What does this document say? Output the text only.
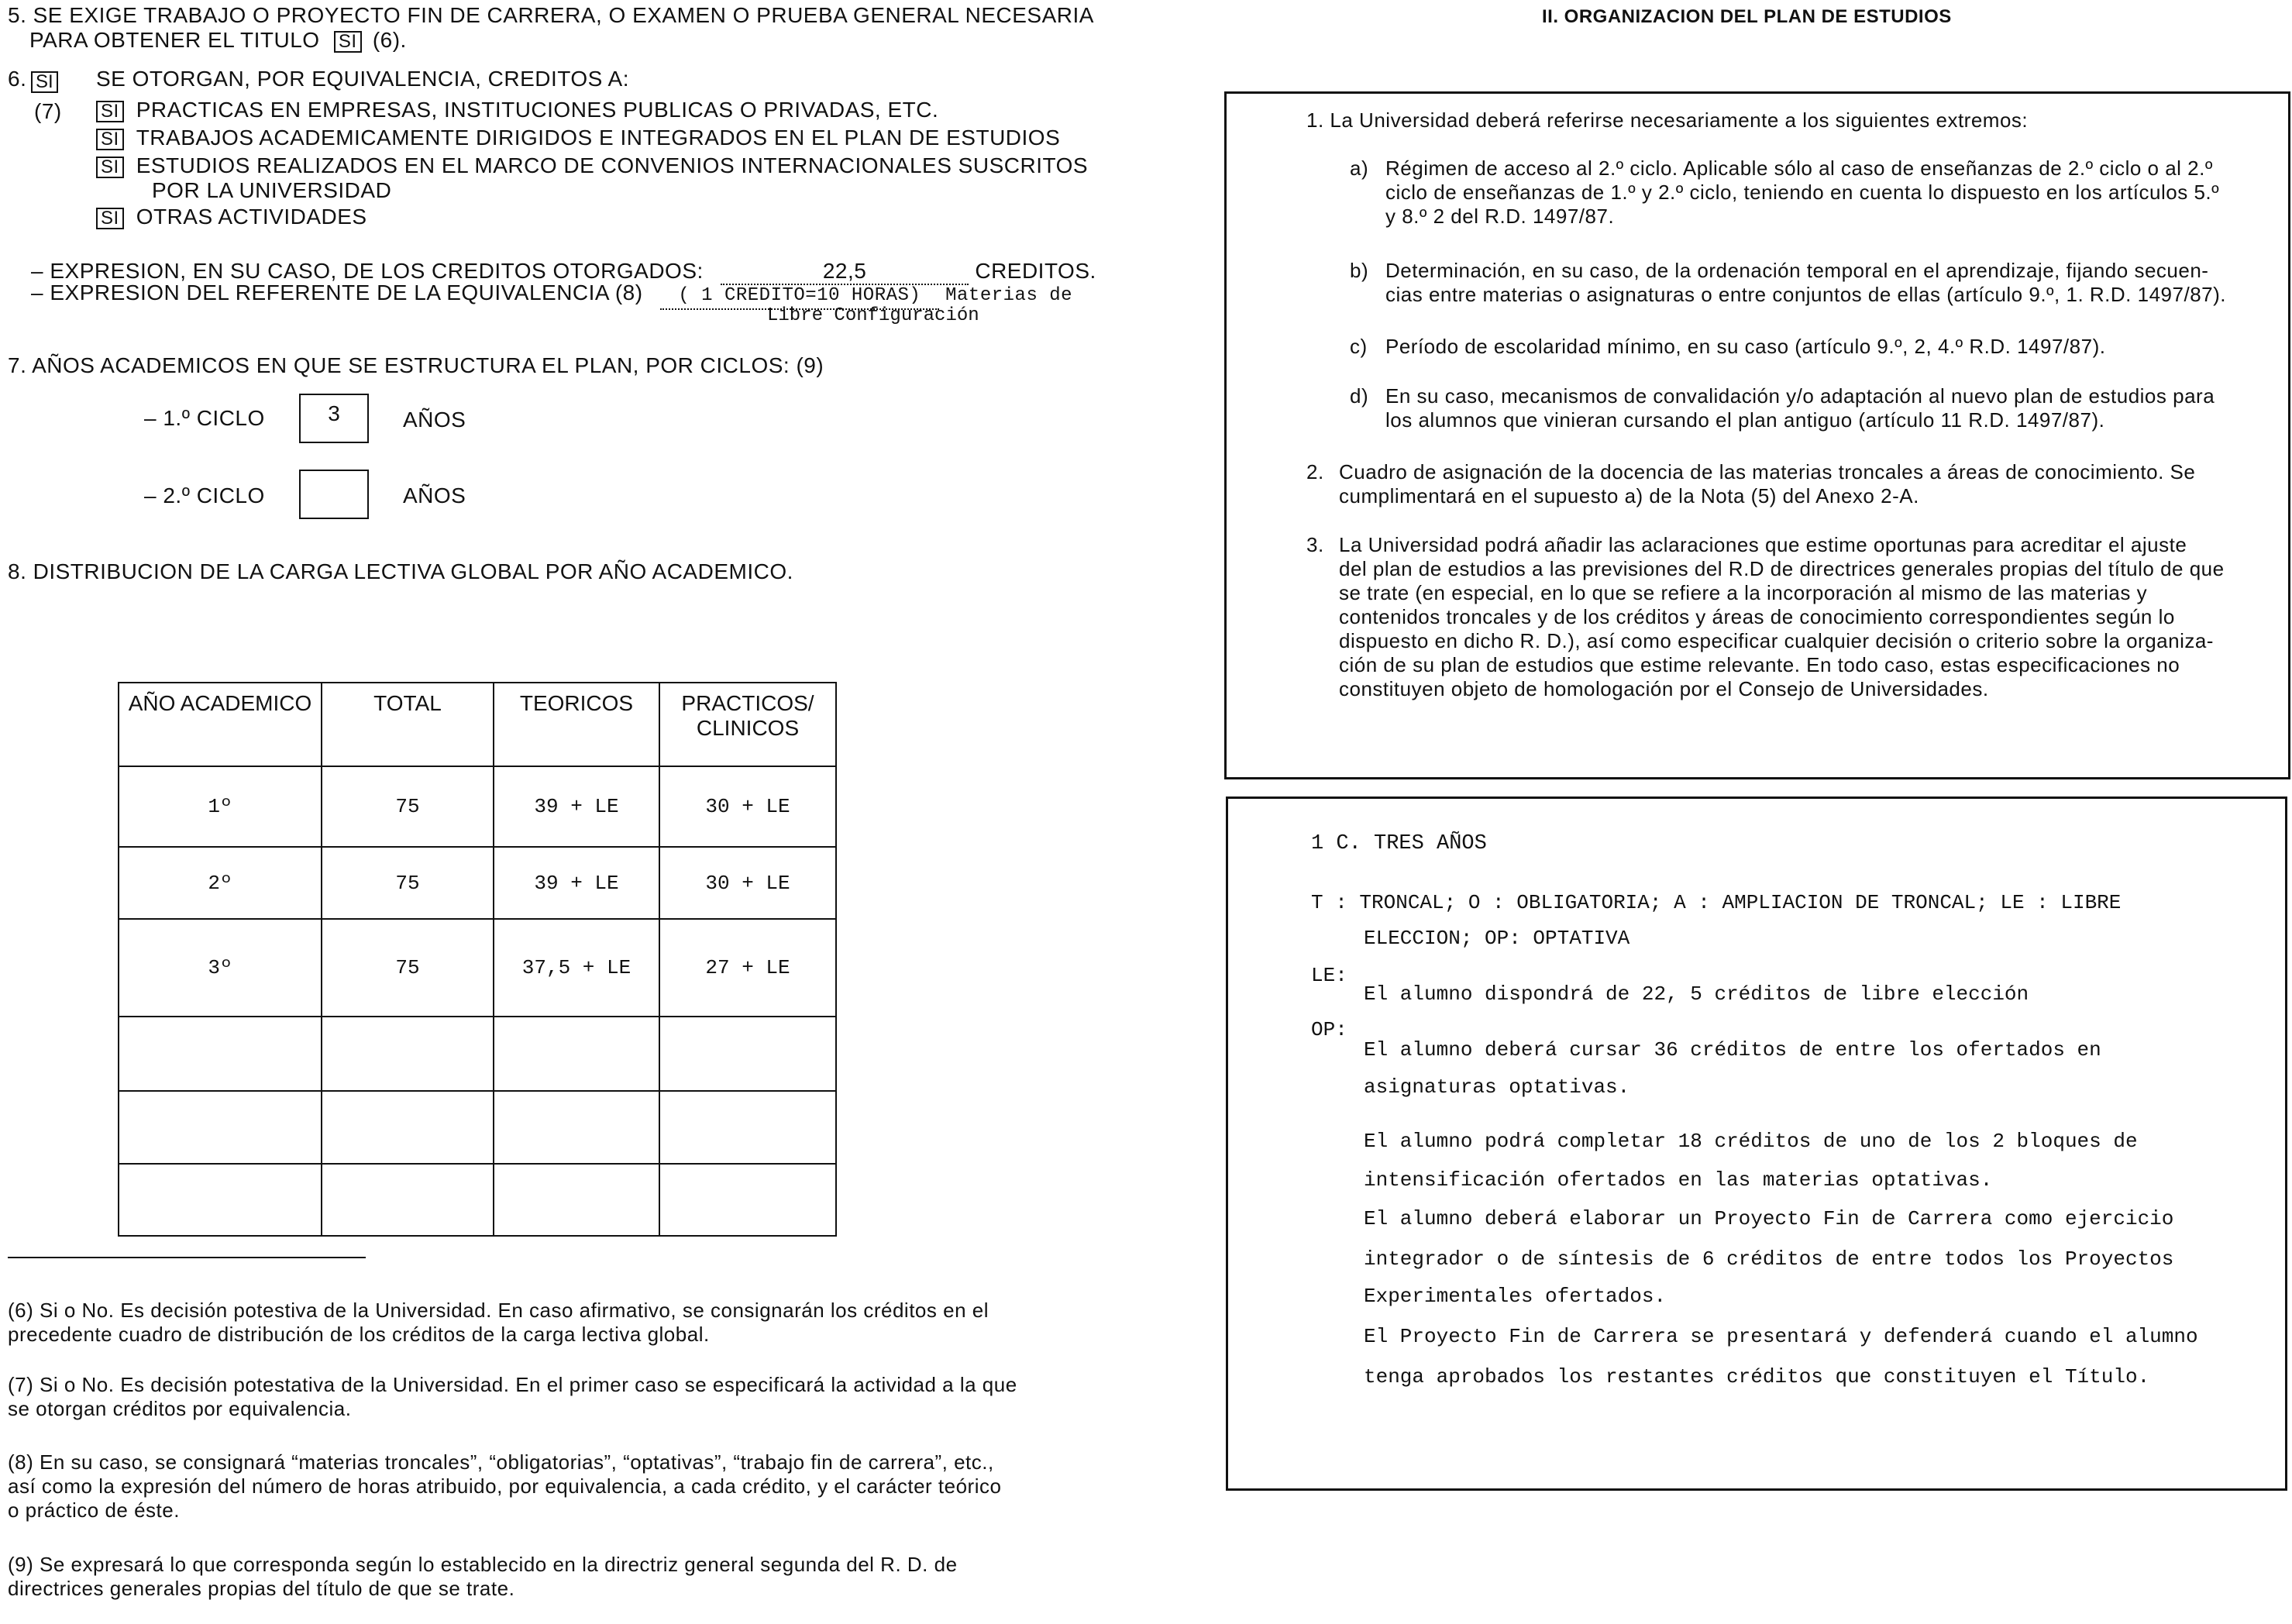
5. SE EXIGE TRABAJO O PROYECTO FIN DE CARRERA, O EXAMEN O PRUEBA GENERAL NECESARIA
PARA OBTENER EL TITULO SI (6).
6. SI
(7)
SE OTORGAN, POR EQUIVALENCIA, CREDITOS A:
SI PRACTICAS EN EMPRESAS, INSTITUCIONES PUBLICAS O PRIVADAS, ETC.
SI TRABAJOS ACADEMICAMENTE DIRIGIDOS E INTEGRADOS EN EL PLAN DE ESTUDIOS
SI ESTUDIOS REALIZADOS EN EL MARCO DE CONVENIOS INTERNACIONALES SUSCRITOS
POR LA UNIVERSIDAD
SI OTRAS ACTIVIDADES
– EXPRESION, EN SU CASO, DE LOS CREDITOS OTORGADOS:	22,5	CREDITOS.
– EXPRESION DEL REFERENTE DE LA EQUIVALENCIA (8) ( 1 CREDITO=10 HORAS) Materias de
Libre Configuración
7. AÑOS ACADEMICOS EN QUE SE ESTRUCTURA EL PLAN, POR CICLOS: (9)
– 1.º CICLO	3	AÑOS
– 2.º CICLO	AÑOS
8. DISTRIBUCION DE LA CARGA LECTIVA GLOBAL POR AÑO ACADEMICO.
AÑO ACADEMICO	TOTAL	TEORICOS	PRACTICOS/
CLINICOS

1º	75	39 + LE	30 + LE
2º	75	39 + LE	30 + LE
3º	75	37,5 + LE	27 + LE

(6) Si o No. Es decisión potestiva de la Universidad. En caso afirmativo, se consignarán los créditos en el
precedente cuadro de distribución de los créditos de la carga lectiva global.
(7) Si o No. Es decisión potestativa de la Universidad. En el primer caso se especificará la actividad a la que
se otorgan créditos por equivalencia.
(8) En su caso, se consignará “materias troncales”, “obligatorias”, “optativas”, “trabajo fin de carrera”, etc.,
así como la expresión del número de horas atribuido, por equivalencia, a cada crédito, y el carácter teórico
o práctico de éste.
(9) Se expresará lo que corresponda según lo establecido en la directriz general segunda del R. D. de
directrices generales propias del título de que se trate.
II. ORGANIZACION DEL PLAN DE ESTUDIOS
1. La Universidad deberá referirse necesariamente a los siguientes extremos:
a) Régimen de acceso al 2.º ciclo. Aplicable sólo al caso de enseñanzas de 2.º ciclo o al 2.º
ciclo de enseñanzas de 1.º y 2.º ciclo, teniendo en cuenta lo dispuesto en los artículos 5.º
y 8.º 2 del R.D. 1497/87.
b) Determinación, en su caso, de la ordenación temporal en el aprendizaje, fijando secuen-
cias entre materias o asignaturas o entre conjuntos de ellas (artículo 9.º, 1. R.D. 1497/87).
c) Período de escolaridad mínimo, en su caso (artículo 9.º, 2, 4.º R.D. 1497/87).
d) En su caso, mecanismos de convalidación y/o adaptación al nuevo plan de estudios para
los alumnos que vinieran cursando el plan antiguo (artículo 11 R.D. 1497/87).
2. Cuadro de asignación de la docencia de las materias troncales a áreas de conocimiento. Se
cumplimentará en el supuesto a) de la Nota (5) del Anexo 2-A.
3. La Universidad podrá añadir las aclaraciones que estime oportunas para acreditar el ajuste
del plan de estudios a las previsiones del R.D de directrices generales propias del título de que
se trate (en especial, en lo que se refiere a la incorporación al mismo de las materias y
contenidos troncales y de los créditos y áreas de conocimiento correspondientes según lo
dispuesto en dicho R. D.), así como especificar cualquier decisión o criterio sobre la organiza-
ción de su plan de estudios que estime relevante. En todo caso, estas especificaciones no
constituyen objeto de homologación por el Consejo de Universidades.
1 C. TRES AÑOS
T : TRONCAL; O : OBLIGATORIA; A : AMPLIACION DE TRONCAL; LE : LIBRE
ELECCION; OP: OPTATIVA
LE:
El alumno dispondrá de 22, 5 créditos de libre elección
OP:
El alumno deberá cursar 36 créditos de entre los ofertados en
asignaturas optativas.
El alumno podrá completar 18 créditos de uno de los 2 bloques de
intensificación ofertados en las materias optativas.
El alumno deberá elaborar un Proyecto Fin de Carrera como ejercicio
integrador o de síntesis de 6 créditos de entre todos los Proyectos
Experimentales ofertados.
El Proyecto Fin de Carrera se presentará y defenderá cuando el alumno
tenga aprobados los restantes créditos que constituyen el Título.
